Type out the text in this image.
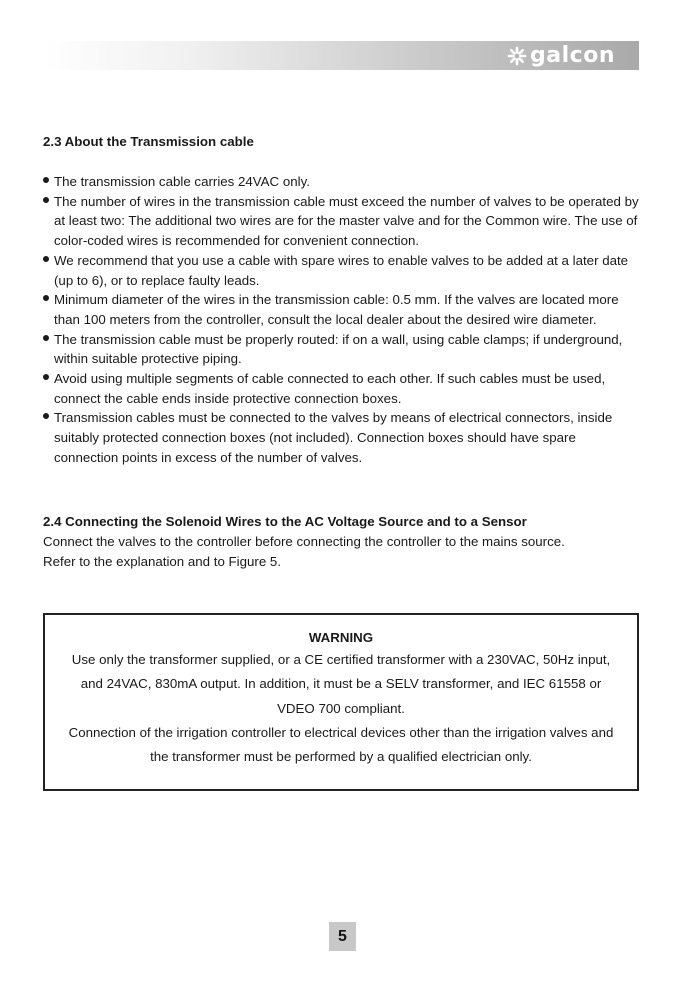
galcon
2.3 About the Transmission cable
The transmission cable carries 24VAC only.
The number of wires in the transmission cable must exceed the number of valves to be operated by at least two: The additional two wires are for the master valve and for the Common wire. The use of color-coded wires is recommended for convenient connection.
We recommend that you use a cable with spare wires to enable valves to be added at a later date (up to 6), or to replace faulty leads.
Minimum diameter of the wires in the transmission cable: 0.5 mm. If the valves are located more than 100 meters from the controller, consult the local dealer about the desired wire diameter.
The transmission cable must be properly routed: if on a wall, using cable clamps; if underground, within suitable protective piping.
Avoid using multiple segments of cable connected to each other. If such cables must be used, connect the cable ends inside protective connection boxes.
Transmission cables must be connected to the valves by means of electrical connectors, inside suitably protected connection boxes (not included). Connection boxes should have spare connection points in excess of the number of valves.
2.4 Connecting the Solenoid Wires to the AC Voltage Source and to a Sensor

Connect the valves to the controller before connecting the controller to the mains source.

Refer to the explanation and to Figure 5.

WARNING

Use only the transformer supplied, or a CE certified transformer with a 230VAC, 50Hz input,

and 24VAC, 830mA output. In addition, it must be a SELV transformer, and IEC 61558 or

VDEO 700 compliant.

Connection of the irrigation controller to electrical devices other than the irrigation valves and

the transformer must be performed by a qualified electrician only.

5
